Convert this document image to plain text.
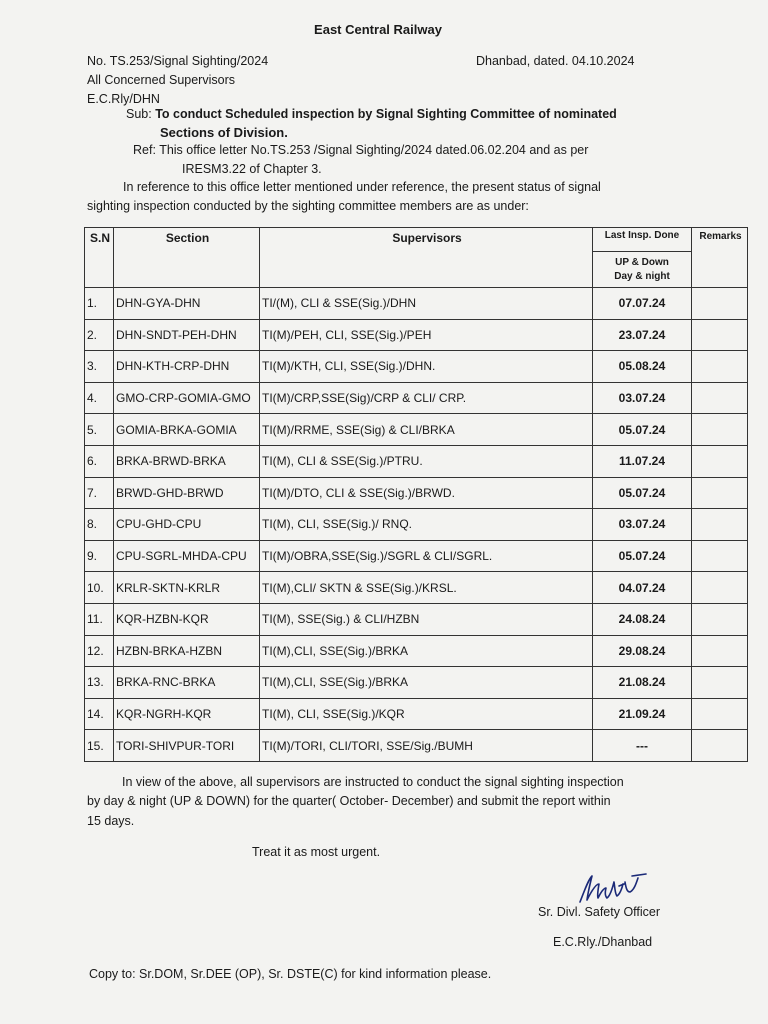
East Central Railway
No. TS.253/Signal Sighting/2024	Dhanbad, dated. 04.10.2024
All Concerned Supervisors
E.C.Rly/DHN
Sub: To conduct Scheduled inspection by Signal Sighting Committee of nominated
Sections of Division.
Ref: This office letter No.TS.253 /Signal Sighting/2024 dated.06.02.204 and as per
IRESM3.22 of Chapter 3.
In reference to this office letter mentioned under reference, the present status of signal
sighting inspection conducted by the sighting committee members are as under:
S.N	Section	Supervisors	Last Insp. Done
UP & Down
Day & night	Remarks
1.	DHN-GYA-DHN	TI/(M), CLI & SSE(Sig.)/DHN	07.07.24	
2.	DHN-SNDT-PEH-DHN	TI(M)/PEH, CLI, SSE(Sig.)/PEH	23.07.24	
3.	DHN-KTH-CRP-DHN	TI(M)/KTH, CLI, SSE(Sig.)/DHN.	05.08.24	
4.	GMO-CRP-GOMIA-GMO	TI(M)/CRP,SSE(Sig)/CRP & CLI/ CRP.	03.07.24	
5.	GOMIA-BRKA-GOMIA	TI(M)/RRME, SSE(Sig) & CLI/BRKA	05.07.24	
6.	BRKA-BRWD-BRKA	TI(M), CLI & SSE(Sig.)/PTRU.	11.07.24	
7.	BRWD-GHD-BRWD	TI(M)/DTO, CLI & SSE(Sig.)/BRWD.	05.07.24	
8.	CPU-GHD-CPU	TI(M), CLI, SSE(Sig.)/ RNQ.	03.07.24	
9.	CPU-SGRL-MHDA-CPU	TI(M)/OBRA,SSE(Sig.)/SGRL & CLI/SGRL.	05.07.24	
10.	KRLR-SKTN-KRLR	TI(M),CLI/ SKTN & SSE(Sig.)/KRSL.	04.07.24	
11.	KQR-HZBN-KQR	TI(M), SSE(Sig.) & CLI/HZBN	24.08.24	
12.	HZBN-BRKA-HZBN	TI(M),CLI, SSE(Sig.)/BRKA	29.08.24	
13.	BRKA-RNC-BRKA	TI(M),CLI, SSE(Sig.)/BRKA	21.08.24	
14.	KQR-NGRH-KQR	TI(M), CLI, SSE(Sig.)/KQR	21.09.24	
15.	TORI-SHIVPUR-TORI	TI(M)/TORI, CLI/TORI, SSE/Sig./BUMH	---	
In view of the above, all supervisors are instructed to conduct the signal sighting inspection
by day & night (UP & DOWN) for the quarter( October- December) and submit the report within
15 days.
Treat it as most urgent.
Sr. Divl. Safety Officer
E.C.Rly./Dhanbad
Copy to: Sr.DOM, Sr.DEE (OP), Sr. DSTE(C) for kind information please.
